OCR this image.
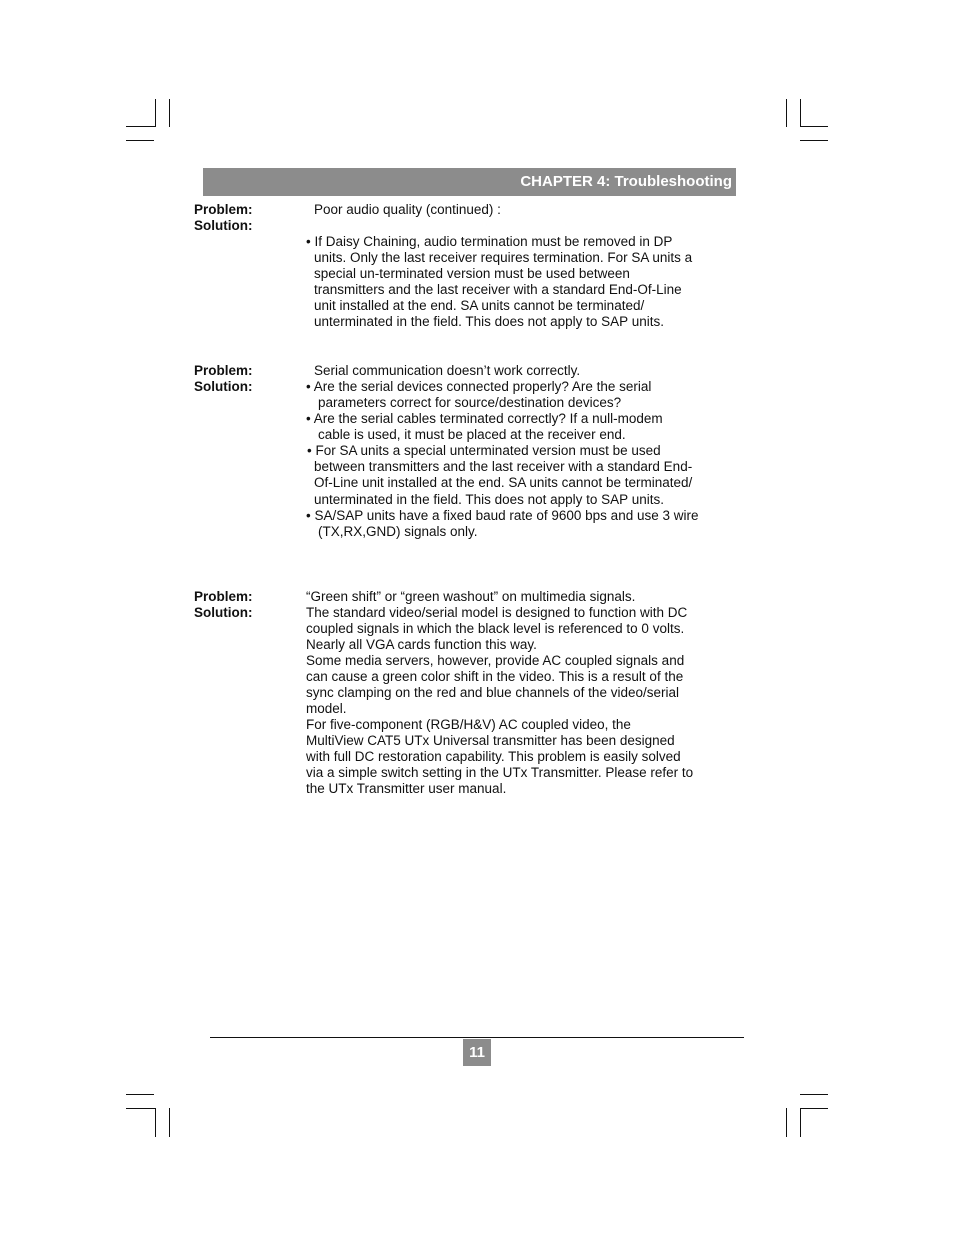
CHAPTER 4: Troubleshooting
Problem:
Solution:
Poor audio quality (continued) :
• If Daisy Chaining, audio termination must be removed in DP
units. Only the last receiver requires termination. For SA units a
special un-terminated version must be used between
transmitters and the last receiver with a standard End-Of-Line
unit installed at the end. SA units cannot be terminated/
unterminated in the field. This does not apply to SAP units.
Problem:
Solution:
Serial communication doesn’t work correctly.
• Are the serial devices connected properly? Are the serial
parameters correct for source/destination devices?
• Are the serial cables terminated correctly? If a null-modem
cable is used, it must be placed at the receiver end.
• For SA units a special unterminated version must be used
between transmitters and the last receiver with a standard End-
Of-Line unit installed at the end. SA units cannot be terminated/
unterminated in the field. This does not apply to SAP units.
• SA/SAP units have a fixed baud rate of 9600 bps and use 3 wire
(TX,RX,GND) signals only.
Problem:
Solution:
“Green shift” or “green washout” on multimedia signals.
The standard video/serial model is designed to function with DC
coupled signals in which the black level is referenced to 0 volts.
Nearly all VGA cards function this way.
Some media servers, however, provide AC coupled signals and
can cause a green color shift in the video. This is a result of the
sync clamping on the red and blue channels of the video/serial
model.
For five-component (RGB/H&V) AC coupled video, the
MultiView CAT5 UTx Universal transmitter has been designed
with full DC restoration capability. This problem is easily solved
via a simple switch setting in the UTx Transmitter. Please refer to
the UTx Transmitter user manual.
11
